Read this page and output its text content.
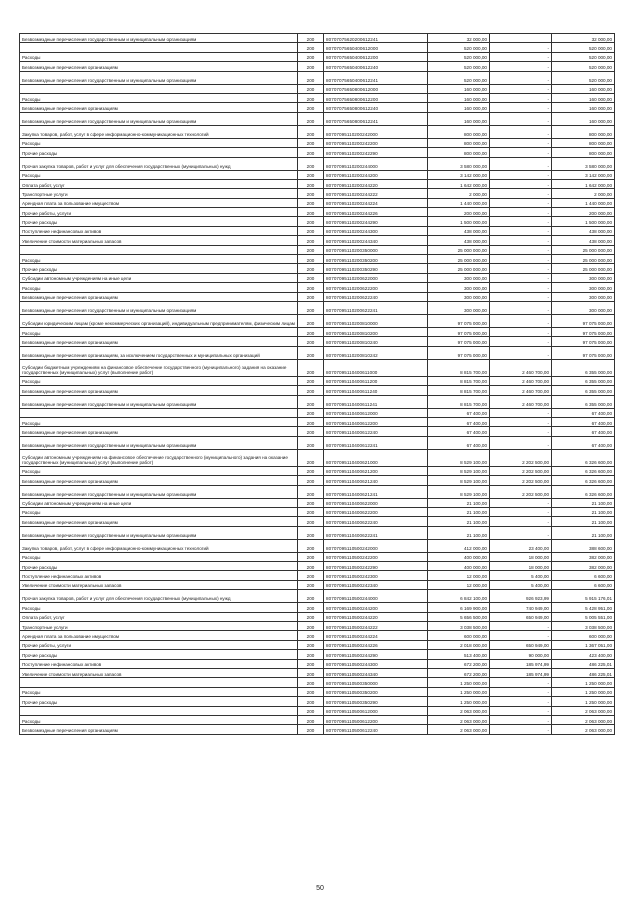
Безвозмездные перечисления государственным и муниципальным организациям	200	80707075620200612241	32 000,00		32 000,00
	200	80707075650400612000	520 000,00	-	520 000,00
Расходы	200	80707075650400612200	520 000,00	-	520 000,00
Безвозмездные перечисления организациям	200	80707075650400612240	520 000,00	-	520 000,00
Безвозмездные перечисления государственным и муниципальным организациям	200	80707075650400612241	520 000,00	-	520 000,00
	200	80707075650800612000	160 000,00	-	160 000,00
Расходы	200	80707075650800612200	160 000,00	-	160 000,00
Безвозмездные перечисления организациям	200	80707075650800612240	160 000,00	-	160 000,00
Безвозмездные перечисления государственным и муниципальным организациям	200	80707075650800612241	160 000,00	-	160 000,00
Закупка товаров, работ, услуг в сфере информационно-коммуникационных технологий	200	80707095110200242000	800 000,00	-	800 000,00
Расходы	200	80707095110200242200	800 000,00	-	800 000,00
Прочие расходы	200	80707095110200242290	800 000,00	-	800 000,00
Прочая закупка товаров, работ и услуг для обеспечения государственных (муниципальных) нужд	200	80707095110200244000	3 580 000,00	-	3 580 000,00
Расходы	200	80707095110200244200	3 142 000,00	-	3 142 000,00
Оплата работ, услуг	200	80707095110200244220	1 642 000,00	-	1 642 000,00
Транспортные услуги	200	80707095110200244222	2 000,00	-	2 000,00
Арендная плата за пользование имуществом	200	80707095110200244224	1 440 000,00	-	1 440 000,00
Прочие работы, услуги	200	80707095110200244226	200 000,00	-	200 000,00
Прочие расходы	200	80707095110200244290	1 500 000,00	-	1 500 000,00
Поступление нефинансовых активов	200	80707095110200244300	438 000,00	-	438 000,00
Увеличение стоимости материальных запасов	200	80707095110200244340	438 000,00	-	438 000,00
	200	80707095110200350000	25 000 000,00	-	25 000 000,00
Расходы	200	80707095110200350200	25 000 000,00	-	25 000 000,00
Прочие расходы	200	80707095110200350290	25 000 000,00	-	25 000 000,00
Субсидии автономным учреждениям на иные цели	200	80707095110200622000	300 000,00	-	300 000,00
Расходы	200	80707095110200622200	300 000,00	-	300 000,00
Безвозмездные перечисления организациям	200	80707095110200622240	300 000,00	-	300 000,00
Безвозмездные перечисления государственным и муниципальным организациям	200	80707095110200622241	300 000,00	-	300 000,00
Субсидии юридическим лицам (кроме некоммерческих организаций), индивидуальным предпринимателям, физическим лицам	200	80707095110200810000	97 075 000,00	-	97 075 000,00
Расходы	200	80707095110200810200	97 075 000,00	-	97 075 000,00
Безвозмездные перечисления организациям	200	80707095110200810240	97 075 000,00	-	97 075 000,00
Безвозмездные перечисления организациям, за исключением государственных и муниципальных организаций	200	80707095110200810242	97 075 000,00	-	97 075 000,00
Субсидии бюджетным учреждениям на финансовое обеспечение государственного (муниципального) задания на оказание государственных (муниципальных) услуг (выполнение работ)	200	80707095110400611000	8 815 700,00	2 460 700,00	6 355 000,00
Расходы	200	80707095110400611200	8 815 700,00	2 460 700,00	6 355 000,00
Безвозмездные перечисления организациям	200	80707095110400611240	8 815 700,00	2 460 700,00	6 355 000,00
Безвозмездные перечисления государственным и муниципальным организациям	200	80707095110400611241	8 815 700,00	2 460 700,00	6 355 000,00
	200	80707095110400612000	67 400,00	-	67 400,00
Расходы	200	80707095110400612200	67 400,00	-	67 400,00
Безвозмездные перечисления организациям	200	80707095110400612240	67 400,00	-	67 400,00
Безвозмездные перечисления государственным и муниципальным организациям	200	80707095110400612241	67 400,00	-	67 400,00
Субсидии автономным учреждениям на финансовое обеспечение государственного (муниципального) задания на оказание государственных (муниципальных) услуг (выполнение работ)	200	80707095110400621000	8 529 100,00	2 202 500,00	6 326 600,00
Расходы	200	80707095110400621200	8 529 100,00	2 202 500,00	6 326 600,00
Безвозмездные перечисления организациям	200	80707095110400621240	8 529 100,00	2 202 500,00	6 326 600,00
Безвозмездные перечисления государственным и муниципальным организациям	200	80707095110400621241	8 529 100,00	2 202 500,00	6 326 600,00
Субсидии автономным учреждениям на иные цели	200	80707095110400622000	21 100,00	-	21 100,00
Расходы	200	80707095110400622200	21 100,00	-	21 100,00
Безвозмездные перечисления организациям	200	80707095110400622240	21 100,00	-	21 100,00
Безвозмездные перечисления государственным и муниципальным организациям	200	80707095110400622241	21 100,00	-	21 100,00
Закупка товаров, работ, услуг в сфере информационно-коммуникационных технологий	200	80707095110500242000	412 000,00	23 400,00	388 600,00
Расходы	200	80707095110500242200	400 000,00	18 000,00	382 000,00
Прочие расходы	200	80707095110500242290	400 000,00	18 000,00	382 000,00
Поступление нефинансовых активов	200	80707095110500242300	12 000,00	5 400,00	6 600,00
Увеличение стоимости материальных запасов	200	80707095110500242340	12 000,00	5 400,00	6 600,00
Прочая закупка товаров, работ и услуг для обеспечения государственных (муниципальных) нужд	200	80707095110500244000	6 842 100,00	926 923,99	5 915 176,01
Расходы	200	80707095110500244200	6 169 900,00	740 949,00	5 428 951,00
Оплата работ, услуг	200	80707095110500244220	5 656 500,00	650 949,00	5 005 551,00
Транспортные услуги	200	80707095110500244222	3 038 500,00	-	3 038 500,00
Арендная плата за пользование имуществом	200	80707095110500244224	600 000,00	-	600 000,00
Прочие работы, услуги	200	80707095110500244226	2 018 000,00	650 949,00	1 367 051,00
Прочие расходы	200	80707095110500244290	513 400,00	90 000,00	423 400,00
Поступление нефинансовых активов	200	80707095110500244300	672 200,00	185 974,99	486 225,01
Увеличение стоимости материальных запасов	200	80707095110500244340	672 200,00	185 974,99	486 225,01
	200	80707095110500350000	1 250 000,00	-	1 250 000,00
Расходы	200	80707095110500350200	1 250 000,00	-	1 250 000,00
Прочие расходы	200	80707095110500350290	1 250 000,00	-	1 250 000,00
	200	80707095110500612000	2 063 000,00	-	2 063 000,00
Расходы	200	80707095110500612200	2 063 000,00	-	2 063 000,00
Безвозмездные перечисления организациям	200	80707095110500612240	2 063 000,00	-	2 063 000,00
50
